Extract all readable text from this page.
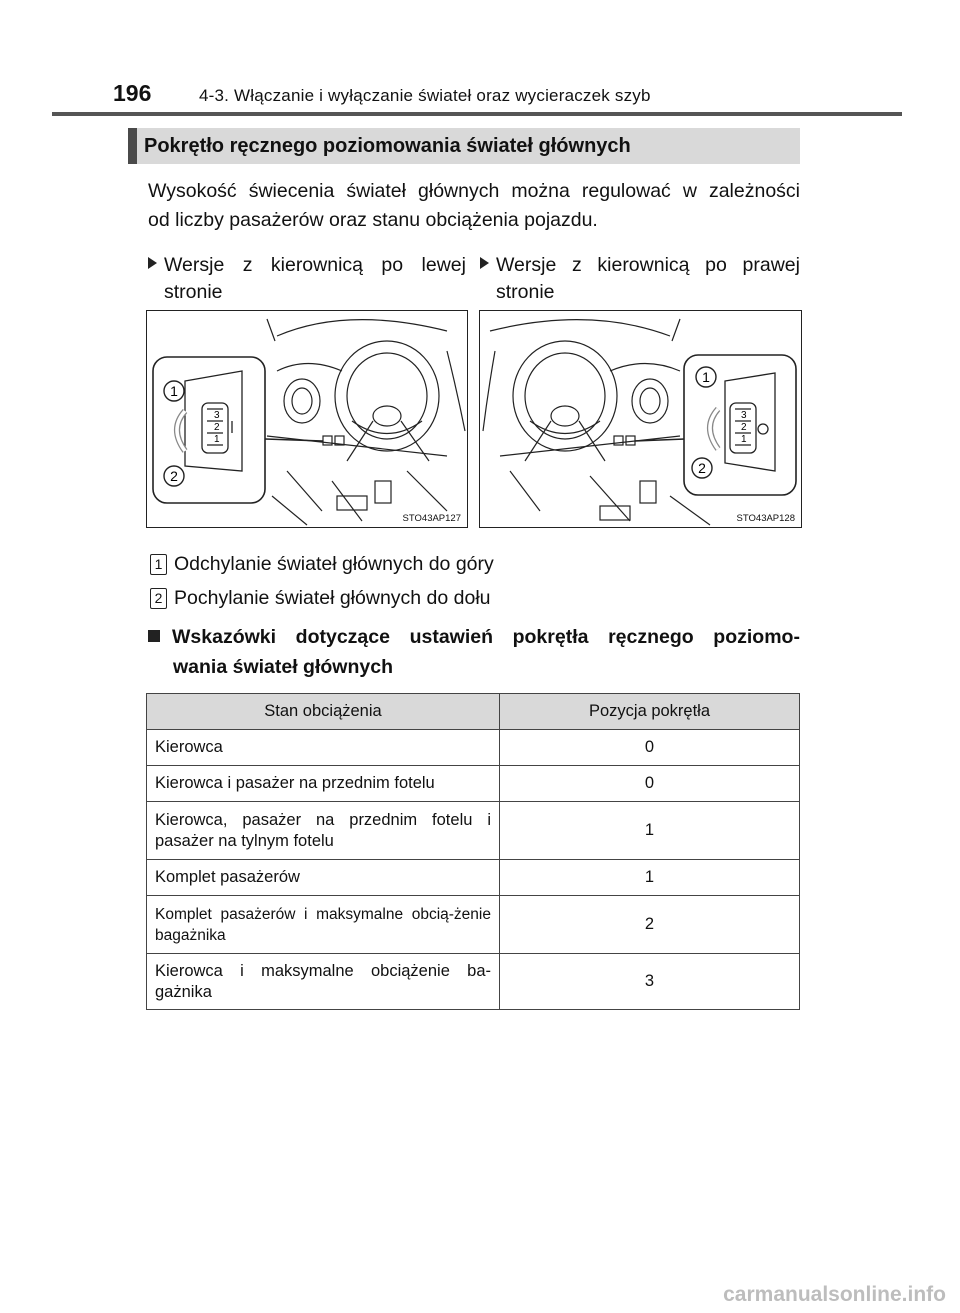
196	4-3. Włączanie i wyłączanie świateł oraz wycieraczek szyb
Pokrętło ręcznego poziomowania świateł głównych
Wysokość świecenia świateł głównych można regulować w zależności
od liczby pasażerów oraz stanu obciążenia pojazdu.
Wersje z kierownicą po lewej
stronie
Wersje z kierownicą po prawej
stronie
1
2
3
2
1
STO43AP127
1
2
3
2
1
STO43AP128
1 Odchylanie świateł głównych do góry
2 Pochylanie świateł głównych do dołu
Wskazówki dotyczące ustawień pokrętła ręcznego poziomo-
wania świateł głównych
Stan obciążenia	Pozycja pokrętła
Kierowca	0
Kierowca i pasażer na przednim fotelu	0

Kierowca, pasażer na przednim fotelu i pasażer na tylnym fotelu	1
Komplet pasażerów	1

Komplet pasażerów i maksymalne obcią-żenie bagażnika	2

Kierowca i maksymalne obciążenie ba-gażnika	3
carmanualsonline.info
